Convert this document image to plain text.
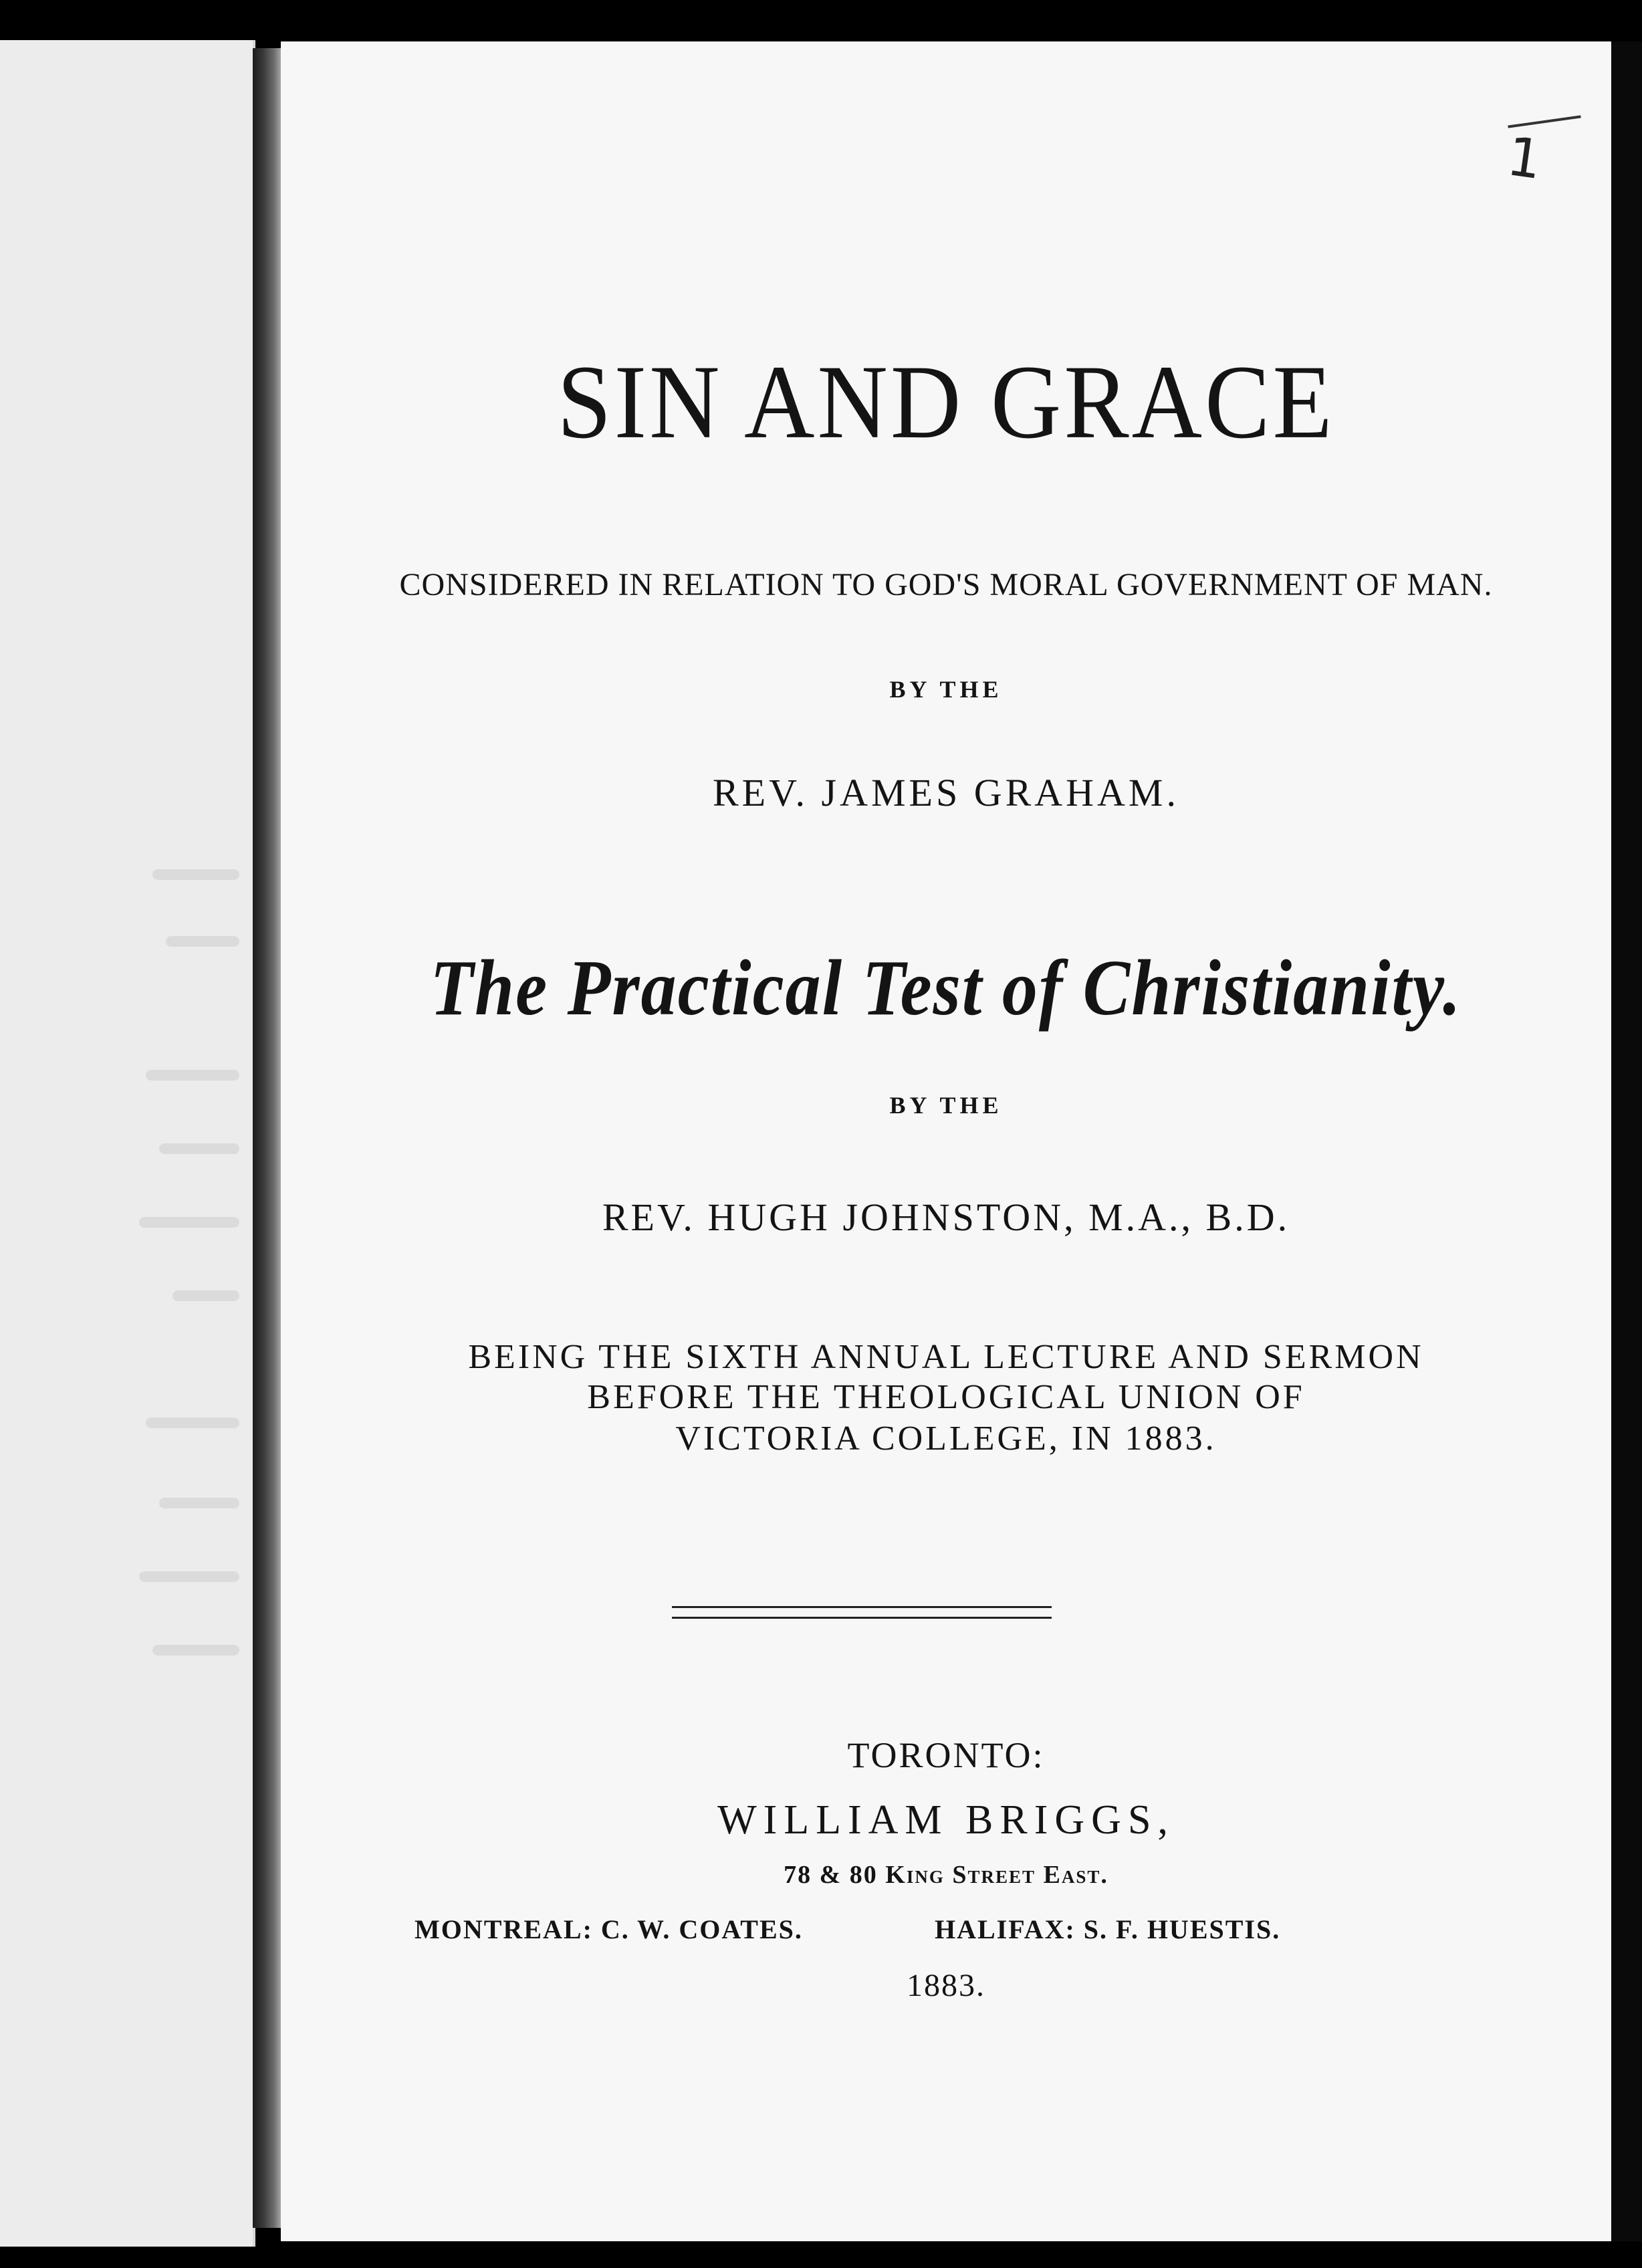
1
SIN AND GRACE
CONSIDERED IN RELATION TO GOD'S MORAL GOVERNMENT OF MAN.
BY THE
REV. JAMES GRAHAM.
The Practical Test of Christianity.
BY THE
REV. HUGH JOHNSTON, M.A., B.D.
BEING THE SIXTH ANNUAL LECTURE AND SERMON
BEFORE THE THEOLOGICAL UNION OF
VICTORIA COLLEGE, IN 1883.
TORONTO:
WILLIAM BRIGGS,
78 & 80 King Street East.
MONTREAL: C. W. COATES.	HALIFAX: S. F. HUESTIS.
1883.
